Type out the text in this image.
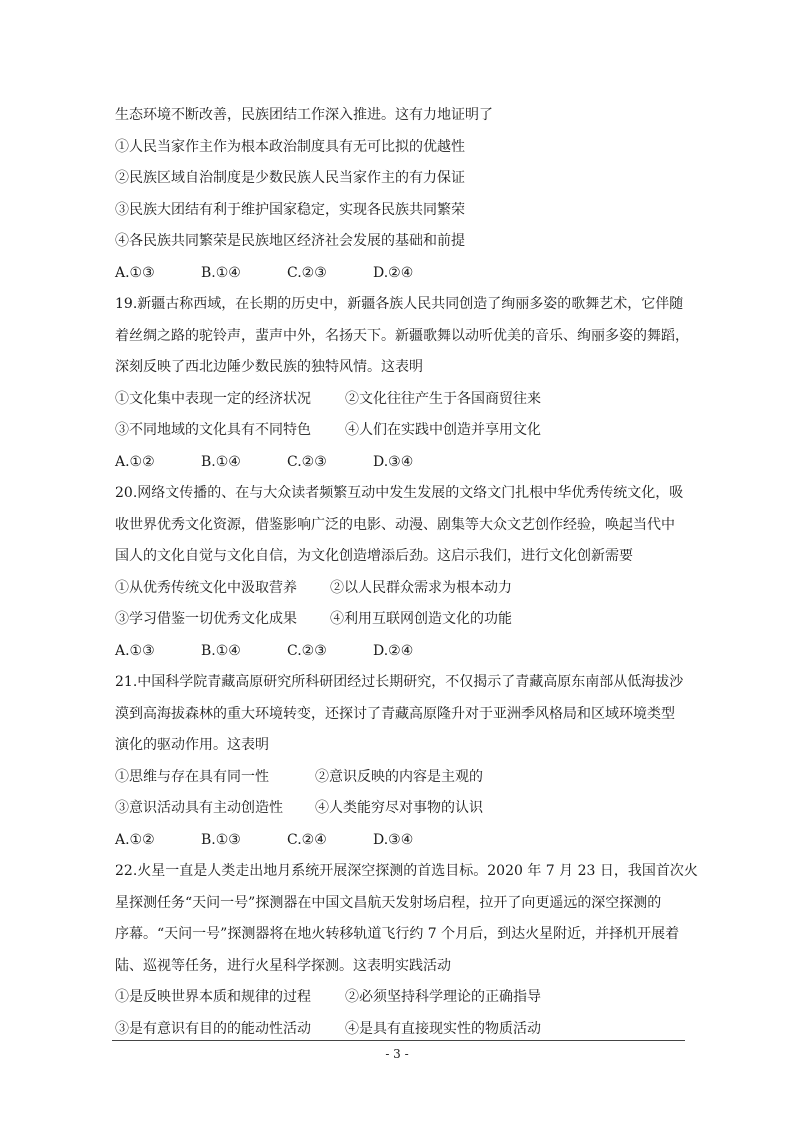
生态环境不断改善，民族团结工作深入推进。这有力地证明了
①人民当家作主作为根本政治制度具有无可比拟的优越性
②民族区域自治制度是少数民族人民当家作主的有力保证
③民族大团结有利于维护国家稳定，实现各民族共同繁荣
④各民族共同繁荣是民族地区经济社会发展的基础和前提
A.①③	B.①④	C.②③	D.②④
19.新疆古称西域，在长期的历史中，新疆各族人民共同创造了绚丽多姿的歌舞艺术，它伴随
着丝绸之路的驼铃声，蜚声中外，名扬天下。新疆歌舞以动听优美的音乐、绚丽多姿的舞蹈，
深刻反映了西北边陲少数民族的独特风情。这表明
①文化集中表现一定的经济状况	②文化往往产生于各国商贸往来
③不同地域的文化具有不同特色	④人们在实践中创造并享用文化
A.①②	B.①④	C.②③	D.③④
20.网络文传播的、在与大众读者频繁互动中发生发展的文络文门扎根中华优秀传统文化，吸
收世界优秀文化资源，借鉴影响广泛的电影、动漫、剧集等大众文艺创作经验，唤起当代中
国人的文化自觉与文化自信，为文化创造增添后劲。这启示我们，进行文化创新需要
①从优秀传统文化中汲取营养	②以人民群众需求为根本动力
③学习借鉴一切优秀文化成果	④利用互联网创造文化的功能
A.①③	B.①④	C.②③	D.②④
21.中国科学院青藏高原研究所科研团经过长期研究，不仅揭示了青藏高原东南部从低海拔沙
漠到高海拔森林的重大环境转变，还探讨了青藏高原隆升对于亚洲季风格局和区域环境类型
演化的驱动作用。这表明
①思维与存在具有同一性	②意识反映的内容是主观的
③意识活动具有主动创造性	④人类能穷尽对事物的认识
A.①②	B.①③	C.②④	D.③④
22.火星一直是人类走出地月系统开展深空探测的首选目标。2020 年 7 月 23 日，我国首次火
星探测任务“天问一号”探测器在中国文昌航天发射场启程，拉开了向更遥远的深空探测的
序幕。“天问一号”探测器将在地火转移轨道飞行约 7 个月后，到达火星附近，并择机开展着
陆、巡视等任务，进行火星科学探测。这表明实践活动
①是反映世界本质和规律的过程	②必须坚持科学理论的正确指导
③是有意识有目的的能动性活动	④是具有直接现实性的物质活动
- 3 -
